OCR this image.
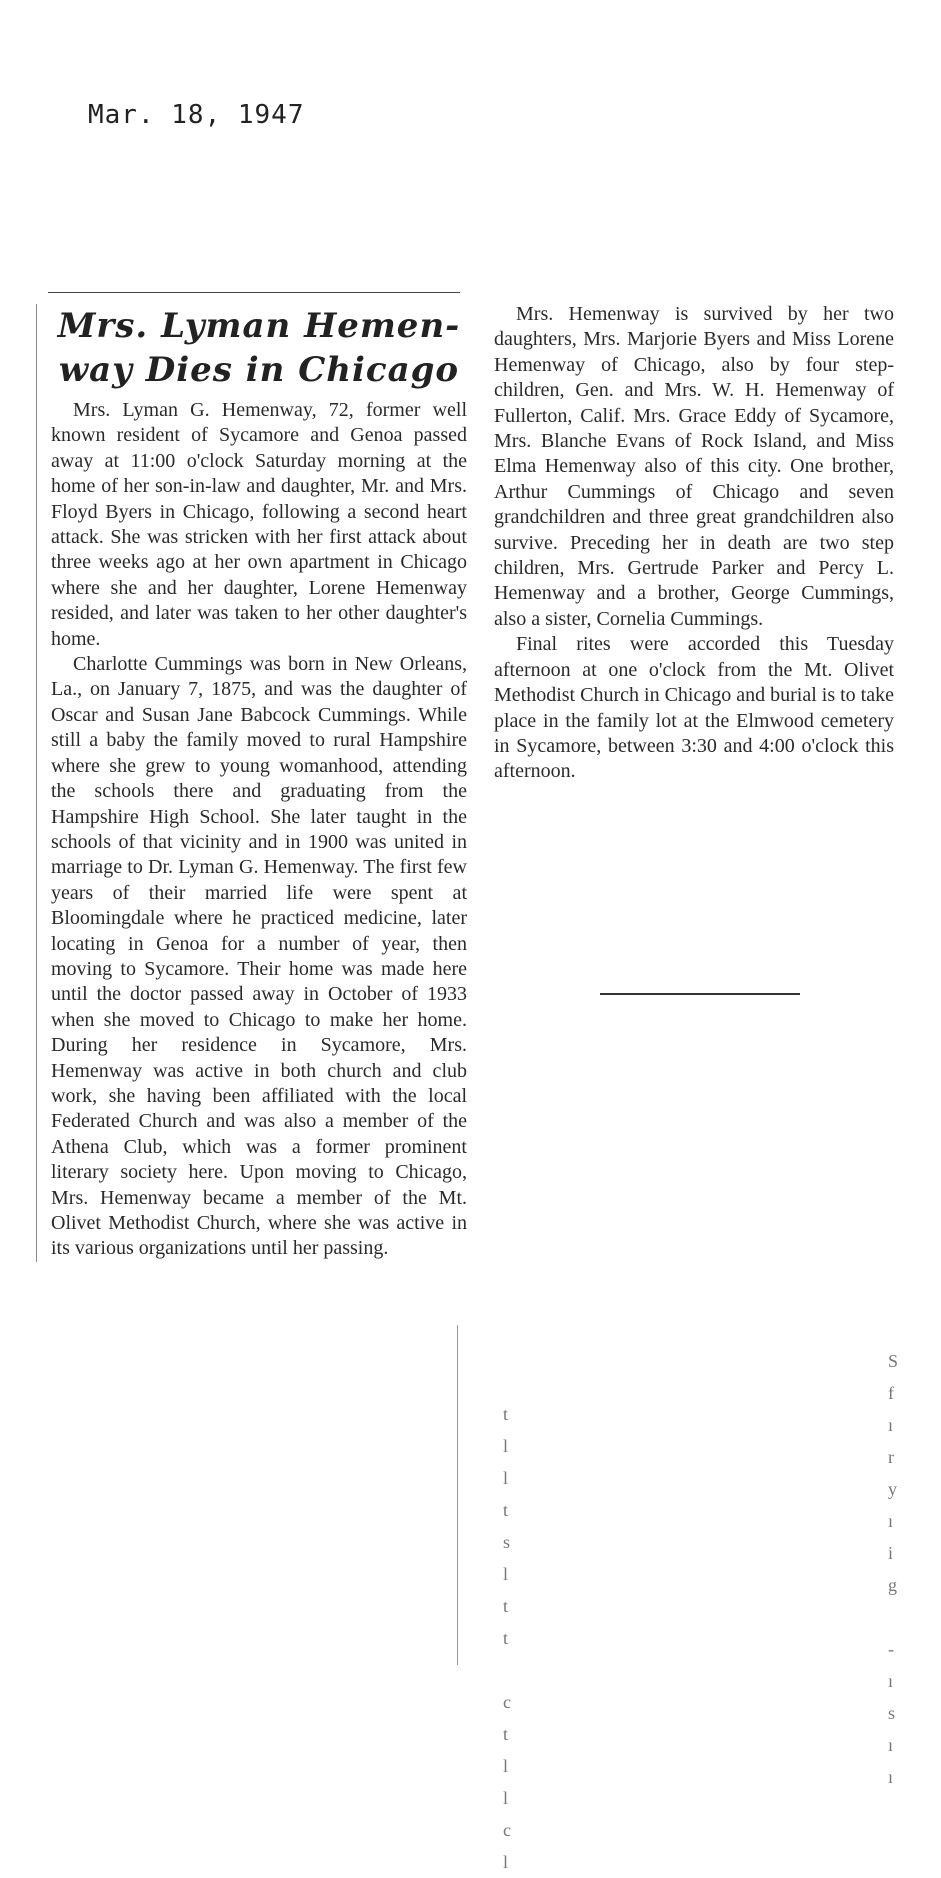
Mar. 18, 1947
Mrs. Lyman Hemen-
way Dies in Chicago

Mrs. Lyman G. Hemenway, 72, former well known resident of Sycamore and Genoa passed away at 11:00 o'clock Saturday morning at the home of her son-in-law and daughter, Mr. and Mrs. Floyd Byers in Chicago, following a second heart attack. She was stricken with her first attack about three weeks ago at her own apartment in Chicago where she and her daughter, Lorene Hemenway resided, and later was taken to her other daughter's home.

Charlotte Cummings was born in New Orleans, La., on January 7, 1875, and was the daughter of Oscar and Susan Jane Babcock Cummings. While still a baby the family moved to rural Hampshire where she grew to young womanhood, attending the schools there and graduating from the Hampshire High School. She later taught in the schools of that vicinity and in 1900 was united in marriage to Dr. Lyman G. Hemenway. The first few years of their married life were spent at Bloomingdale where he practiced medicine, later locating in Genoa for a number of year, then moving to Sycamore. Their home was made here until the doctor passed away in October of 1933 when she moved to Chicago to make her home. During her residence in Sycamore, Mrs. Hemenway was active in both church and club work, she having been affiliated with the local Federated Church and was also a member of the Athena Club, which was a former prominent literary society here. Upon moving to Chicago, Mrs. Hemenway became a member of the Mt. Olivet Methodist Church, where she was active in its various organizations until her passing.

Mrs. Hemenway is survived by her two daughters, Mrs. Marjorie Byers and Miss Lorene Hemenway of Chicago, also by four step-children, Gen. and Mrs. W. H. Hemenway of Fullerton, Calif. Mrs. Grace Eddy of Sycamore, Mrs. Blanche Evans of Rock Island, and Miss Elma Hemenway also of this city. One brother, Arthur Cummings of Chicago and seven grandchildren and three great grandchildren also survive. Preceding her in death are two step children, Mrs. Gertrude Parker and Percy L. Hemenway and a brother, George Cummings, also a sister, Cornelia Cummings.

Final rites were accorded this Tuesday afternoon at one o'clock from the Mt. Olivet Methodist Church in Chicago and burial is to take place in the family lot at the Elmwood cemetery in Sycamore, between 3:30 and 4:00 o'clock this afternoon.

t
l
l
t
s
l
t
t

c
t
l
l
c
l
S
f
ı
r
y
ı
i
g

-
ı
s
ı
ı
